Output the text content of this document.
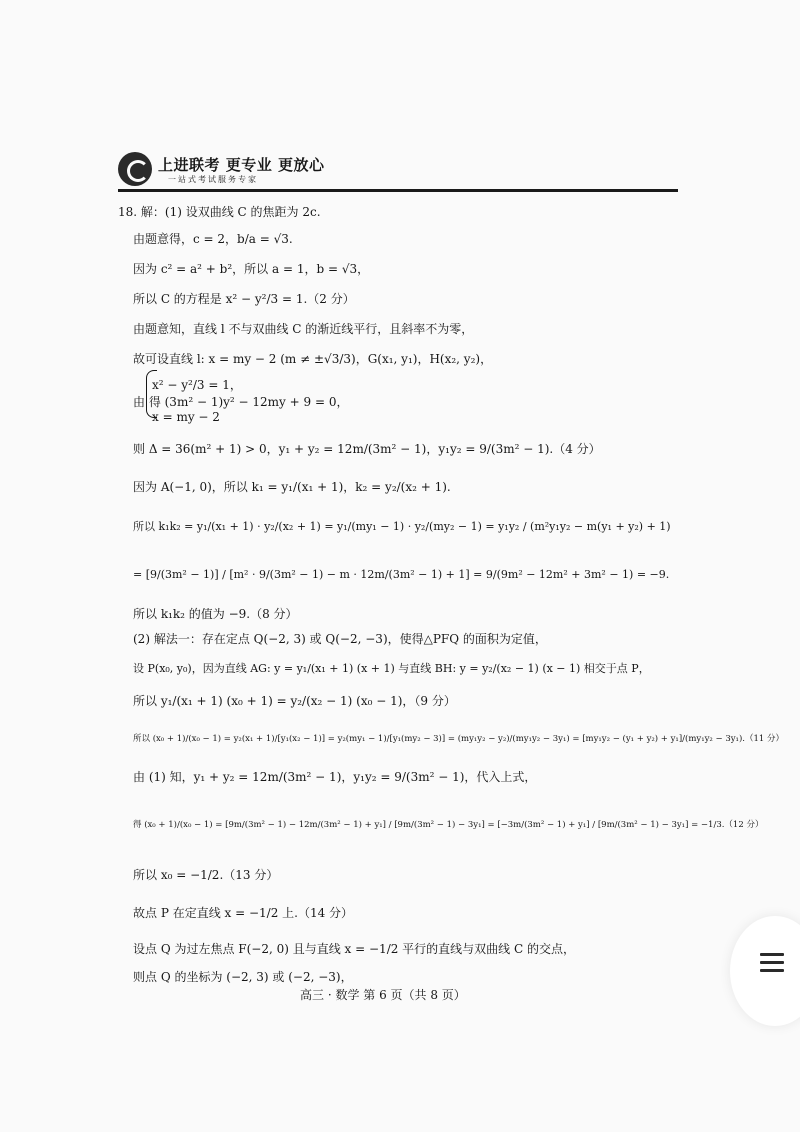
上进联考 更专业 更放心
一站式考试服务专家
18. 解：(1) 设双曲线 C 的焦距为 2c.
由题意得，c = 2，b/a = √3.
因为 c² = a² + b²，所以 a = 1，b = √3，
所以 C 的方程是 x² − y²/3 = 1.（2 分）
由题意知，直线 l 不与双曲线 C 的渐近线平行，且斜率不为零，
故可设直线 l: x = my − 2 (m ≠ ±√3/3)，G(x₁, y₁)，H(x₂, y₂)，
x² − y²/3 = 1，
由 得 (3m² − 1)y² − 12my + 9 = 0，
x = my − 2
则 Δ = 36(m² + 1) > 0，y₁ + y₂ = 12m/(3m² − 1)，y₁y₂ = 9/(3m² − 1).（4 分）
因为 A(−1, 0)，所以 k₁ = y₁/(x₁ + 1)，k₂ = y₂/(x₂ + 1).
所以 k₁k₂ = y₁/(x₁ + 1) · y₂/(x₂ + 1) = y₁/(my₁ − 1) · y₂/(my₂ − 1) = y₁y₂ / (m²y₁y₂ − m(y₁ + y₂) + 1)
= [9/(3m² − 1)] / [m² · 9/(3m² − 1) − m · 12m/(3m² − 1) + 1] = 9/(9m² − 12m² + 3m² − 1) = −9.
所以 k₁k₂ 的值为 −9.（8 分）
(2) 解法一：存在定点 Q(−2, 3) 或 Q(−2, −3)，使得△PFQ 的面积为定值，
设 P(x₀, y₀)，因为直线 AG: y = y₁/(x₁ + 1) (x + 1) 与直线 BH: y = y₂/(x₂ − 1) (x − 1) 相交于点 P，
所以 y₁/(x₁ + 1) (x₀ + 1) = y₂/(x₂ − 1) (x₀ − 1)，（9 分）
所以 (x₀ + 1)/(x₀ − 1) = y₂(x₁ + 1)/[y₁(x₂ − 1)] = y₂(my₁ − 1)/[y₁(my₂ − 3)] = (my₁y₂ − y₂)/(my₁y₂ − 3y₁) = [my₁y₂ − (y₁ + y₂) + y₁]/(my₁y₂ − 3y₁).（11 分）
由 (1) 知，y₁ + y₂ = 12m/(3m² − 1)，y₁y₂ = 9/(3m² − 1)，代入上式，
得 (x₀ + 1)/(x₀ − 1) = [9m/(3m² − 1) − 12m/(3m² − 1) + y₁] / [9m/(3m² − 1) − 3y₁] = [−3m/(3m² − 1) + y₁] / [9m/(3m² − 1) − 3y₁] = −1/3.（12 分）
所以 x₀ = −1/2.（13 分）
故点 P 在定直线 x = −1/2 上.（14 分）
设点 Q 为过左焦点 F(−2, 0) 且与直线 x = −1/2 平行的直线与双曲线 C 的交点，
则点 Q 的坐标为 (−2, 3) 或 (−2, −3)，
高三 · 数学 第 6 页（共 8 页）
